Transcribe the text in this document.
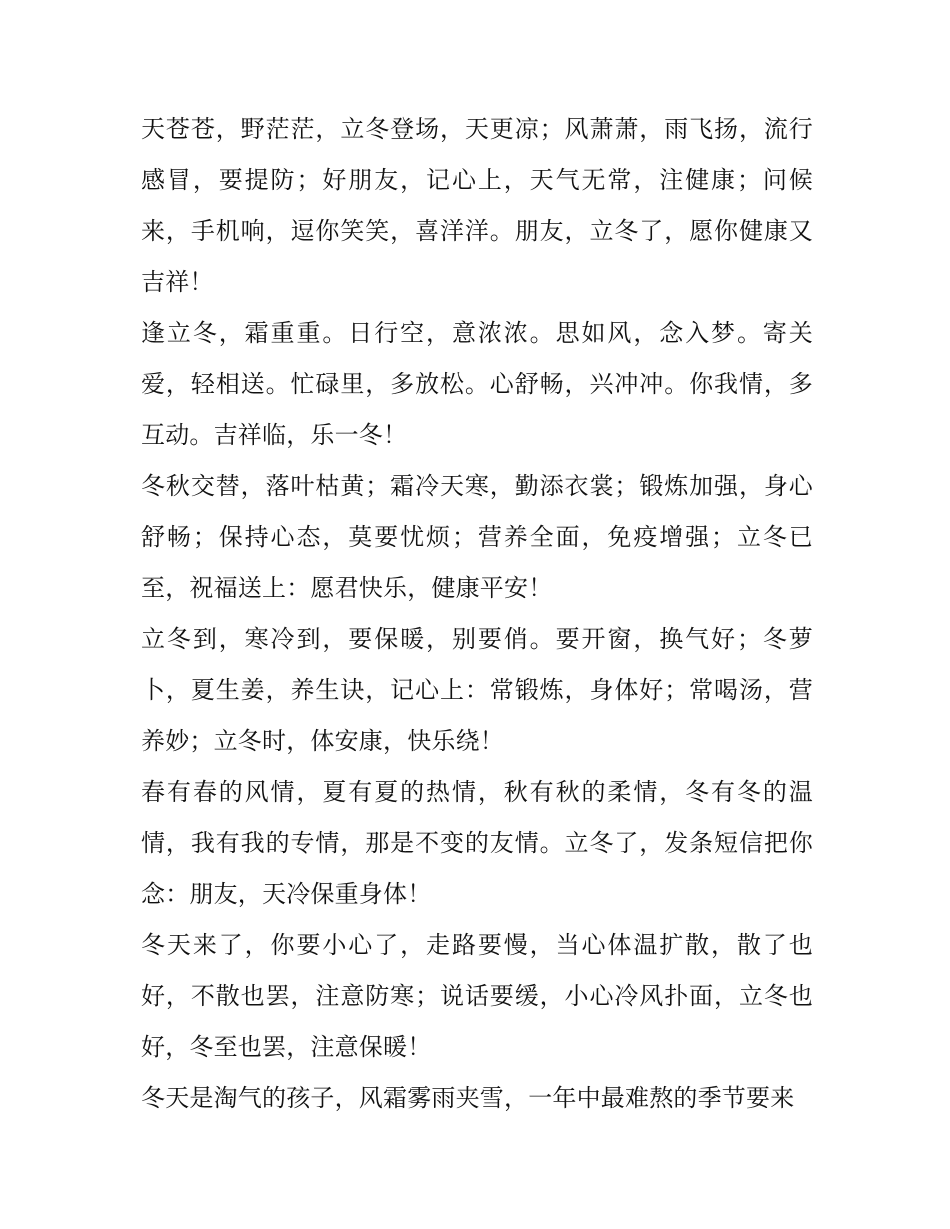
天苍苍，野茫茫，立冬登场，天更凉；风萧萧，雨飞扬，流行感冒，要提防；好朋友，记心上，天气无常，注健康；问候来，手机响，逗你笑笑，喜洋洋。朋友，立冬了，愿你健康又吉祥！

逢立冬，霜重重。日行空，意浓浓。思如风，念入梦。寄关爱，轻相送。忙碌里，多放松。心舒畅，兴冲冲。你我情，多互动。吉祥临，乐一冬！

冬秋交替，落叶枯黄；霜冷天寒，勤添衣裳；锻炼加强，身心舒畅；保持心态，莫要忧烦；营养全面，免疫增强；立冬已至，祝福送上：愿君快乐，健康平安！

立冬到，寒冷到，要保暖，别要俏。要开窗，换气好；冬萝卜，夏生姜，养生诀，记心上：常锻炼，身体好；常喝汤，营养妙；立冬时，体安康，快乐绕！

春有春的风情，夏有夏的热情，秋有秋的柔情，冬有冬的温情，我有我的专情，那是不变的友情。立冬了，发条短信把你念：朋友，天冷保重身体！

冬天来了，你要小心了，走路要慢，当心体温扩散，散了也好，不散也罢，注意防寒；说话要缓，小心冷风扑面，立冬也好，冬至也罢，注意保暖！

冬天是淘气的孩子，风霜雾雨夹雪，一年中最难熬的季节要来
